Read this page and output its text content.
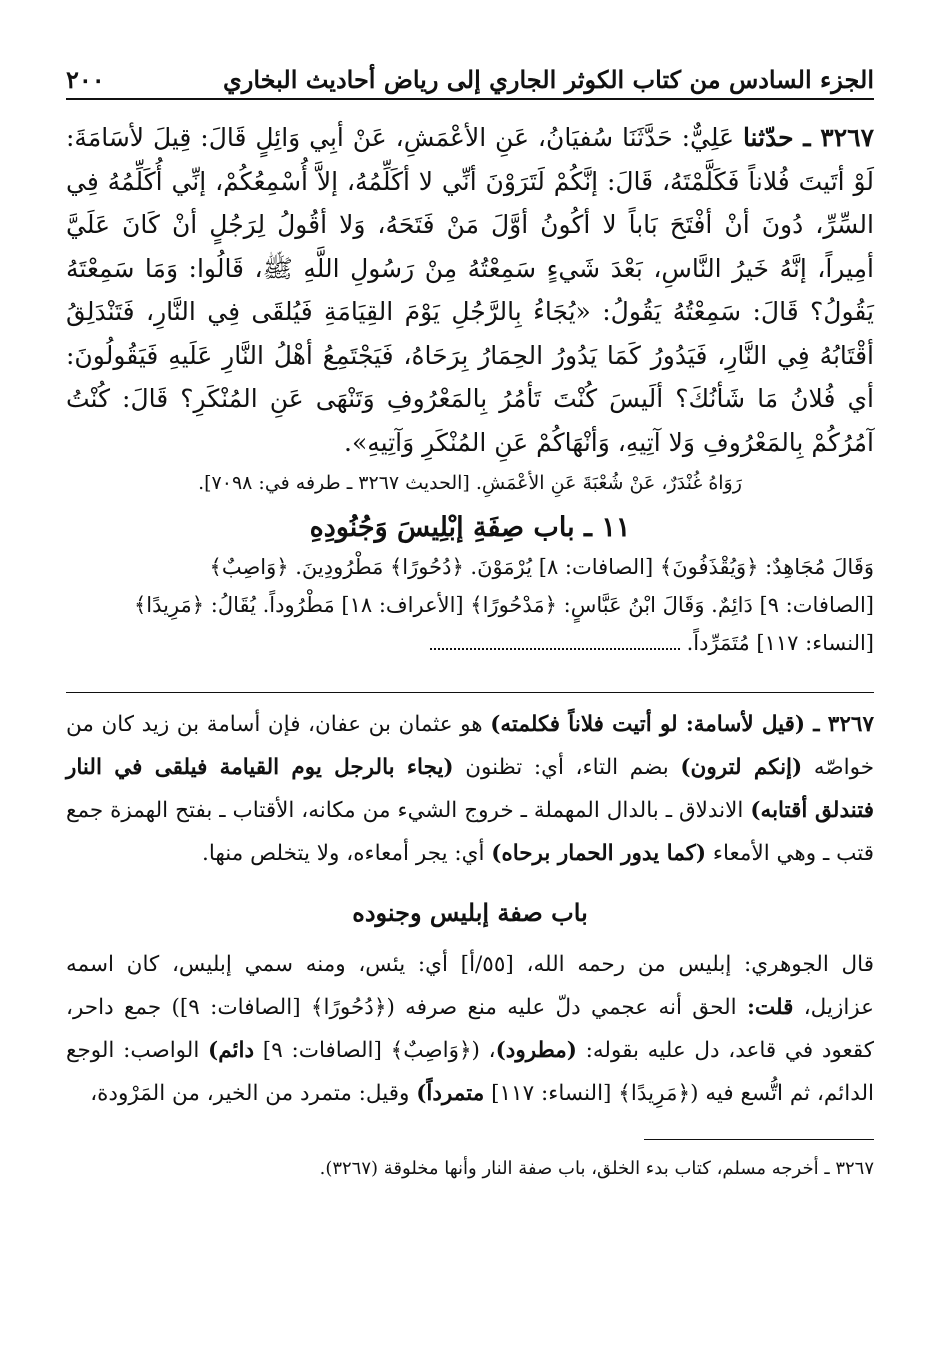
الجزء السادس من كتاب الكوثر الجاري إلى رياض أحاديث البخاري
٢٠٠
٣٢٦٧ ـ حدّثنا عَلِيٌّ: حَدَّثَنَا سُفيَانُ، عَنِ الأعْمَشِ، عَنْ أبِي وَائِلٍ قَالَ: قِيلَ لأسَامَةَ: لَوْ أتَيتَ فُلاناً فَكَلَّمْتَهُ، قَالَ: إنَّكُمْ لَتَرَوْنَ أنِّي لا أكَلِّمُهُ، إلاَّ أُسْمِعُكُمْ، إنِّي أُكَلِّمُهُ فِي السِّرِّ، دُونَ أنْ أفْتَحَ بَاباً لا أكُونُ أوَّلَ مَنْ فَتَحَهُ، وَلا أقُولُ لِرَجُلٍ أنْ كَانَ عَلَيَّ أمِيراً، إنَّهُ خَيرُ النَّاسِ، بَعْدَ شَيءٍ سَمِعْتُهُ مِنْ رَسُولِ اللَّهِ ﷺ، قَالُوا: وَمَا سَمِعْتَهُ يَقُولُ؟ قَالَ: سَمِعْتُهُ يَقُولُ: «يُجَاءُ بِالرَّجُلِ يَوْمَ القِيَامَةِ فَيُلقَى فِي النَّارِ، فَتَنْدَلِقُ أقْتَابُهُ فِي النَّارِ، فَيَدُورُ كَمَا يَدُورُ الحِمَارُ بِرَحَاهُ، فَيَجْتَمِعُ أهْلُ النَّارِ عَلَيهِ فَيَقُولُونَ: أي فُلانُ مَا شَأنُكَ؟ ألَيسَ كُنْتَ تَأمُرُ بِالمَعْرُوفِ وَتَنْهَى عَنِ المُنْكَرِ؟ قَالَ: كُنْتُ آمُرُكُمْ بِالمَعْرُوفِ وَلا آتِيهِ، وَأنْهَاكُمْ عَنِ المُنْكَرِ وَآتِيهِ».
رَوَاهُ غُنْدَرٌ، عَنْ شُعْبَةَ عَنِ الأعْمَشِ. [الحديث ٣٢٦٧ ـ طرفه في: ٧٠٩٨].
١١ ـ باب صِفَةِ إبْلِيسَ وَجُنُودِهِ
وَقَالَ مُجَاهِدٌ: ﴿وَيُقْذَفُونَ﴾ [الصافات: ٨] يُرْمَوْنَ. ﴿دُحُورًا﴾ مَطْرُودِينَ. ﴿وَاصِبٌ﴾
[الصافات: ٩] دَائِمٌ. وَقَالَ ابْنُ عَبَّاسٍ: ﴿مَدْحُورًا﴾ [الأعراف: ١٨] مَطْرُوداً. يُقَالُ: ﴿مَرِيدًا﴾
[النساء: ١١٧] مُتَمَرِّداً.
٣٢٦٧ ـ (قيل لأسامة: لو أتيت فلاناً فكلمته) هو عثمان بن عفان، فإن أسامة بن زيد كان من خواصّه (إنكم لترون) بضم التاء، أي: تظنون (يجاء بالرجل يوم القيامة فيلقى في النار فتندلق أقتابه) الاندلاق ـ بالدال المهملة ـ خروج الشيء من مكانه، الأقتاب ـ بفتح الهمزة جمع قتب ـ وهي الأمعاء (كما يدور الحمار برحاه) أي: يجر أمعاءه، ولا يتخلص منها.
باب صفة إبليس وجنوده
قال الجوهري: إبليس من رحمه الله، [٥٥/أ] أي: يئس، ومنه سمي إبليس، كان اسمه عزازيل، قلت: الحق أنه عجمي دلّ عليه منع صرفه (﴿دُحُورًا﴾ [الصافات: ٩]) جمع داحر، كقعود في قاعد، دل عليه بقوله: (مطرود)، (﴿وَاصِبٌ﴾ [الصافات: ٩] دائم) الواصب: الوجع الدائم، ثم اتُّسع فيه (﴿مَرِيدًا﴾ [النساء: ١١٧] متمرداً) وقيل: متمرد من الخير، من المَرْودة،
٣٢٦٧ ـ أخرجه مسلم، كتاب بدء الخلق، باب صفة النار وأنها مخلوقة (٣٢٦٧).
